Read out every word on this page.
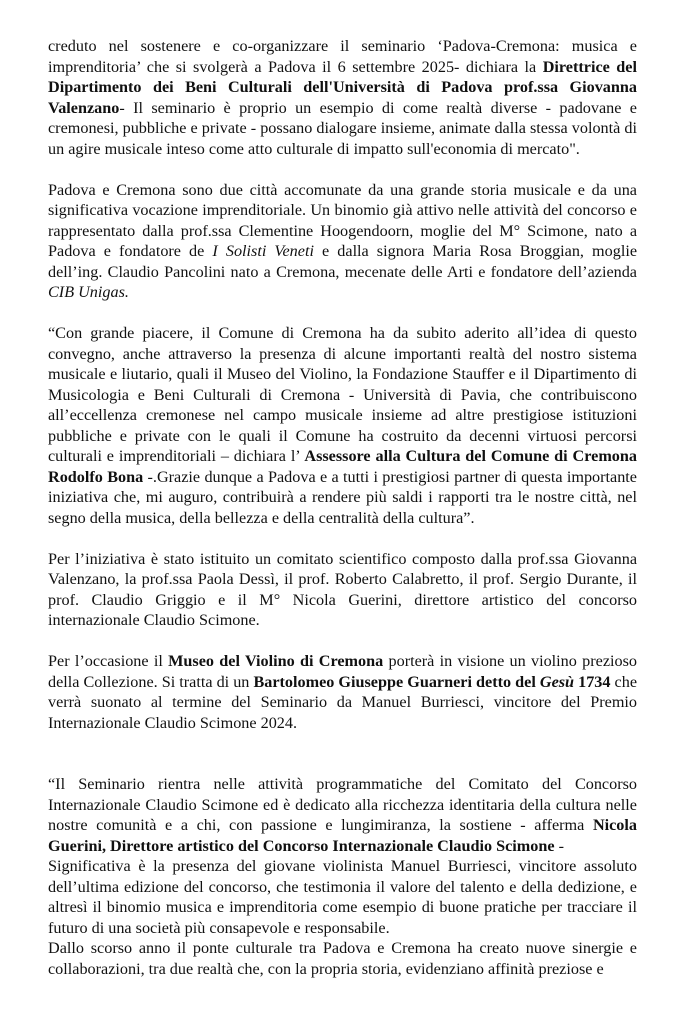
creduto nel sostenere e co-organizzare il seminario ‘Padova-Cremona: musica e imprenditoria’ che si svolgerà a Padova il 6 settembre 2025- dichiara la Direttrice del Dipartimento dei Beni Culturali dell'Università di Padova prof.ssa Giovanna Valenzano- Il seminario è proprio un esempio di come realtà diverse - padovane e cremonesi, pubbliche e private - possano dialogare insieme, animate dalla stessa volontà di un agire musicale inteso come atto culturale di impatto sull'economia di mercato".

Padova e Cremona sono due città accomunate da una grande storia musicale e da una significativa vocazione imprenditoriale. Un binomio già attivo nelle attività del concorso e rappresentato dalla prof.ssa Clementine Hoogendoorn, moglie del M° Scimone, nato a Padova e fondatore de I Solisti Veneti e dalla signora Maria Rosa Broggian, moglie dell’ing. Claudio Pancolini nato a Cremona, mecenate delle Arti e fondatore dell’azienda CIB Unigas.

“Con grande piacere, il Comune di Cremona ha da subito aderito all’idea di questo convegno, anche attraverso la presenza di alcune importanti realtà del nostro sistema musicale e liutario, quali il Museo del Violino, la Fondazione Stauffer e il Dipartimento di Musicologia e Beni Culturali di Cremona - Università di Pavia, che contribuiscono all’eccellenza cremonese nel campo musicale insieme ad altre prestigiose istituzioni pubbliche e private con le quali il Comune ha costruito da decenni virtuosi percorsi culturali e imprenditoriali – dichiara l’ Assessore alla Cultura del Comune di Cremona Rodolfo Bona -.Grazie dunque a Padova e a tutti i prestigiosi partner di questa importante iniziativa che, mi auguro, contribuirà a rendere più saldi i rapporti tra le nostre città, nel segno della musica, della bellezza e della centralità della cultura”.

Per l’iniziativa è stato istituito un comitato scientifico composto dalla prof.ssa Giovanna Valenzano, la prof.ssa Paola Dessì, il prof. Roberto Calabretto, il prof. Sergio Durante, il prof. Claudio Griggio e il M° Nicola Guerini, direttore artistico del concorso internazionale Claudio Scimone.

Per l’occasione il Museo del Violino di Cremona porterà in visione un violino prezioso della Collezione. Si tratta di un Bartolomeo Giuseppe Guarneri detto del Gesù 1734 che verrà suonato al termine del Seminario da Manuel Burriesci, vincitore del Premio Internazionale Claudio Scimone 2024.

“Il Seminario rientra nelle attività programmatiche del Comitato del Concorso Internazionale Claudio Scimone ed è dedicato alla ricchezza identitaria della cultura nelle nostre comunità e a chi, con passione e lungimiranza, la sostiene - afferma Nicola Guerini, Direttore artistico del Concorso Internazionale Claudio Scimone -

Significativa è la presenza del giovane violinista Manuel Burriesci, vincitore assoluto dell’ultima edizione del concorso, che testimonia il valore del talento e della dedizione, e altresì il binomio musica e imprenditoria come esempio di buone pratiche per tracciare il futuro di una società più consapevole e responsabile.

Dallo scorso anno il ponte culturale tra Padova e Cremona ha creato nuove sinergie e collaborazioni, tra due realtà che, con la propria storia, evidenziano affinità preziose e
